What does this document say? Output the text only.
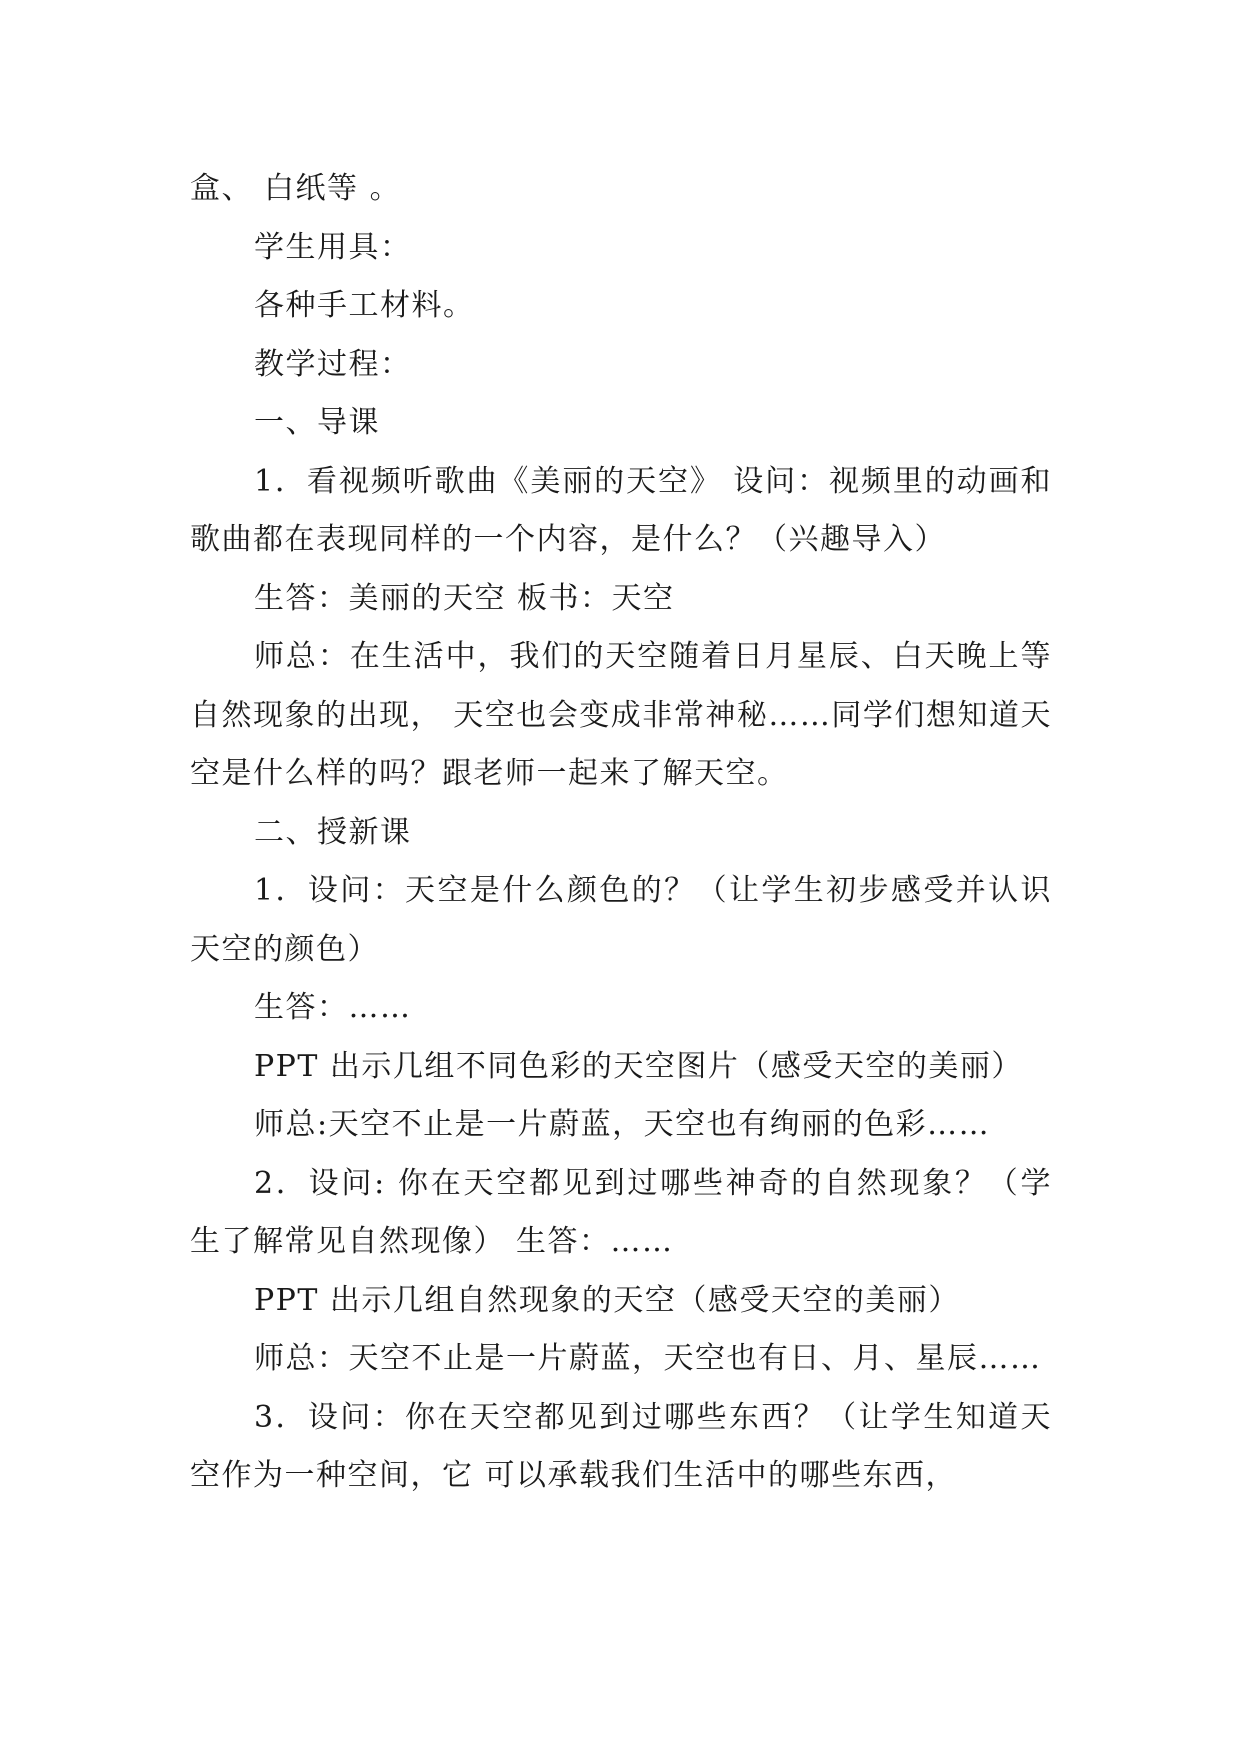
盒、 白纸等 。

学生用具：

各种手工材料。

教学过程：

一、导课

1．看视频听歌曲《美丽的天空》 设问：视频里的动画和歌曲都在表现同样的一个内容，是什么？（兴趣导入）

生答：美丽的天空 板书：天空

师总：在生活中，我们的天空随着日月星辰、白天晚上等自然现象的出现， 天空也会变成非常神秘……同学们想知道天空是什么样的吗？跟老师一起来了解天空。

二、授新课

1．设问：天空是什么颜色的？（让学生初步感受并认识天空的颜色）

生答：……

PPT 出示几组不同色彩的天空图片（感受天空的美丽）

师总:天空不止是一片蔚蓝，天空也有绚丽的色彩……

2．设问: 你在天空都见到过哪些神奇的自然现象？（学生了解常见自然现像） 生答：……

PPT 出示几组自然现象的天空（感受天空的美丽）

师总：天空不止是一片蔚蓝，天空也有日、月、星辰……

3．设问：你在天空都见到过哪些东西？（让学生知道天空作为一种空间，它 可以承载我们生活中的哪些东西，
